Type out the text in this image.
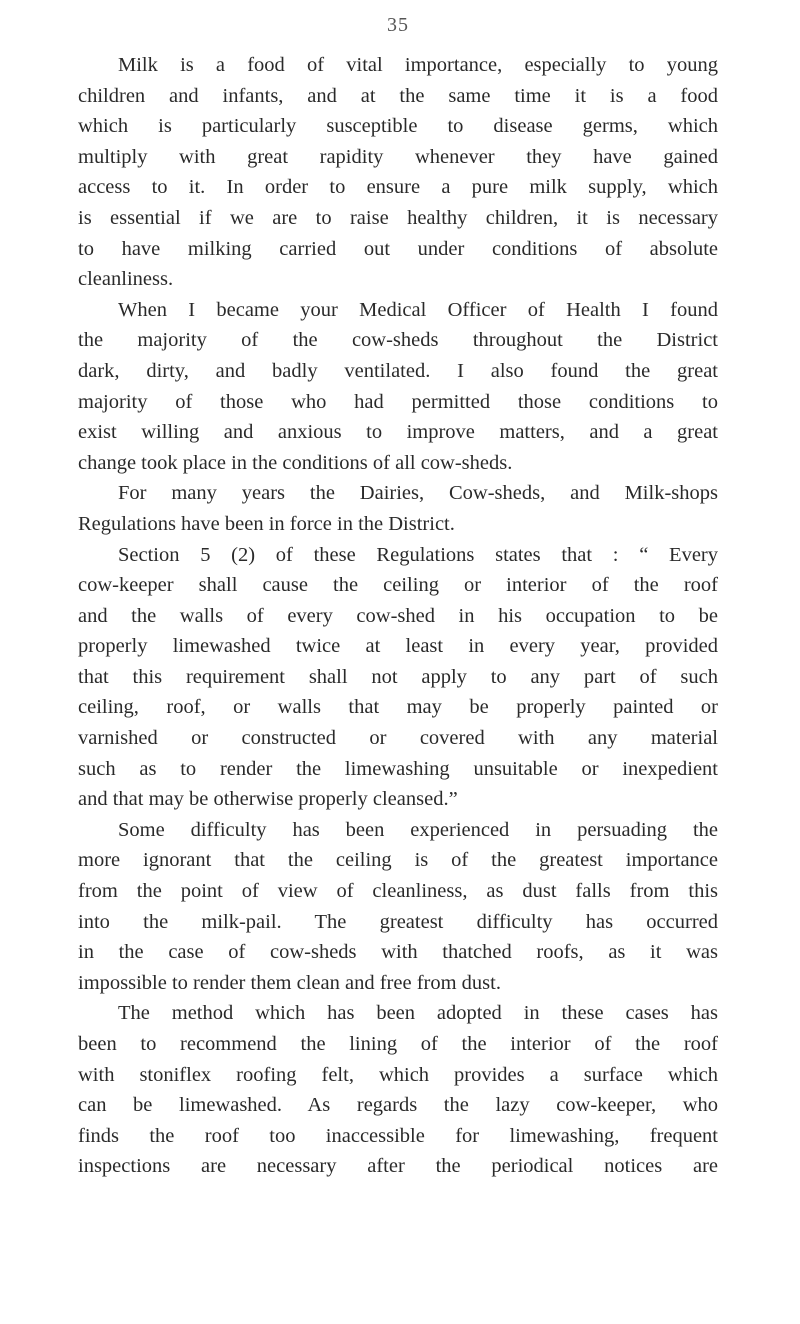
35
Milk is a food of vital importance, especially to young
children and infants, and at the same time it is a food
which is particularly susceptible to disease germs, which
multiply with great rapidity whenever they have gained
access to it. In order to ensure a pure milk supply, which
is essential if we are to raise healthy children, it is necessary
to have milking carried out under conditions of absolute
cleanliness.
When I became your Medical Officer of Health I found
the majority of the cow-sheds throughout the District
dark, dirty, and badly ventilated. I also found the great
majority of those who had permitted those conditions to
exist willing and anxious to improve matters, and a great
change took place in the conditions of all cow-sheds.
For many years the Dairies, Cow-sheds, and Milk-shops
Regulations have been in force in the District.
Section 5 (2) of these Regulations states that : “ Every
cow-keeper shall cause the ceiling or interior of the roof
and the walls of every cow-shed in his occupation to be
properly limewashed twice at least in every year, provided
that this requirement shall not apply to any part of such
ceiling, roof, or walls that may be properly painted or
varnished or constructed or covered with any material
such as to render the limewashing unsuitable or inexpedient
and that may be otherwise properly cleansed.”
Some difficulty has been experienced in persuading the
more ignorant that the ceiling is of the greatest importance
from the point of view of cleanliness, as dust falls from this
into the milk-pail. The greatest difficulty has occurred
in the case of cow-sheds with thatched roofs, as it was
impossible to render them clean and free from dust.
The method which has been adopted in these cases has
been to recommend the lining of the interior of the roof
with stoniflex roofing felt, which provides a surface which
can be limewashed. As regards the lazy cow-keeper, who
finds the roof too inaccessible for limewashing, frequent
inspections are necessary after the periodical notices are
